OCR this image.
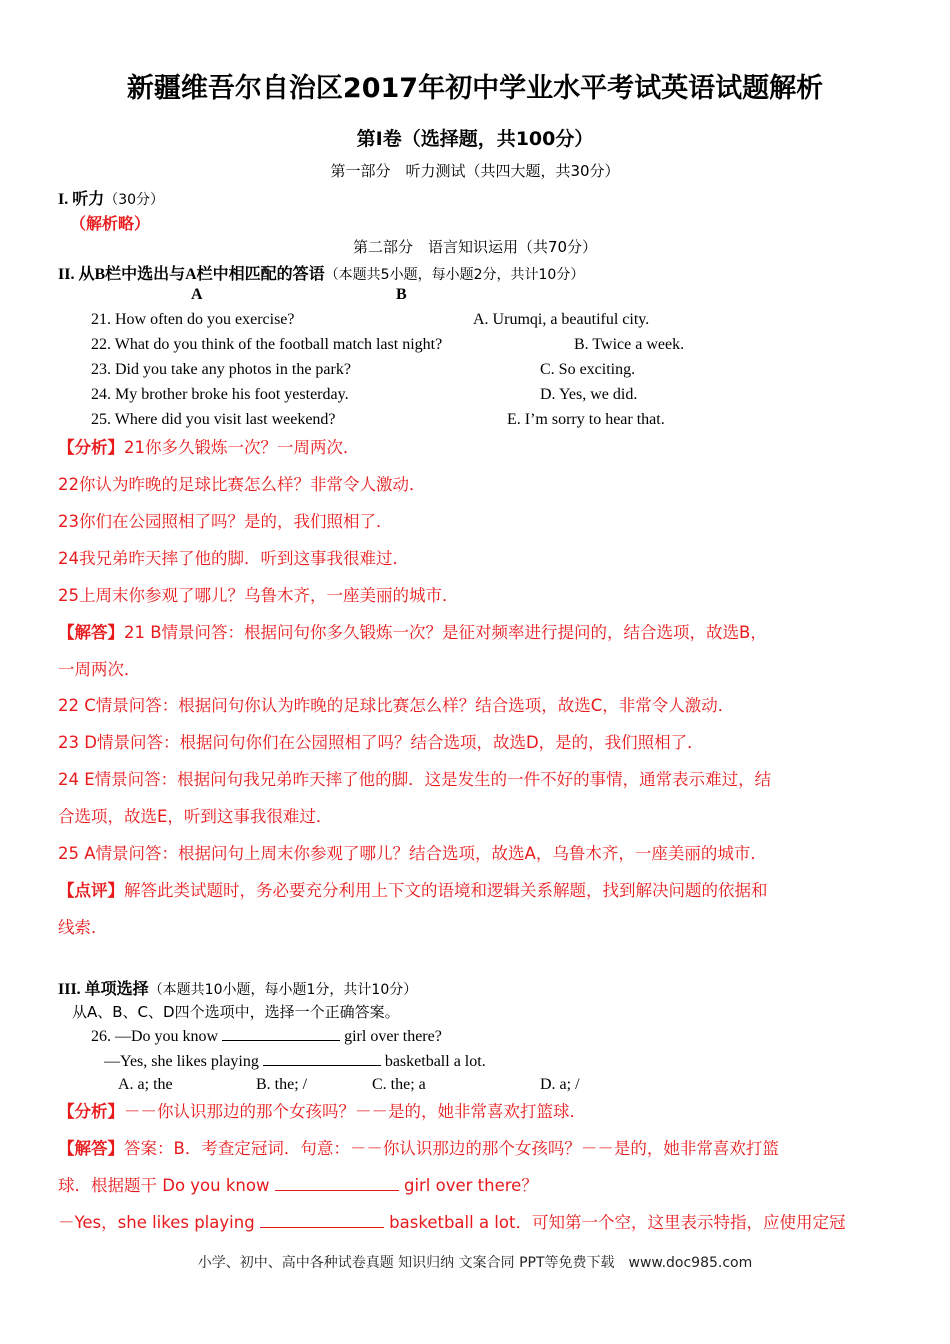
新疆维吾尔自治区2017年初中学业水平考试英语试题解析
第Ⅰ卷（选择题，共100分）
第一部分　听力测试（共四大题，共30分）
I. 听力（30分）
（解析略）
第二部分　语言知识运用（共70分）
II. 从B栏中选出与A栏中相匹配的答语（本题共5小题，每小题2分，共计10分）
A	B
21. How often do you exercise?	A. Urumqi, a beautiful city.
22. What do you think of the football match last night?	B. Twice a week.
23. Did you take any photos in the park?	C. So exciting.
24. My brother broke his foot yesterday.	D. Yes, we did.
25. Where did you visit last weekend?	E. I’m sorry to hear that.
【分析】21你多久锻炼一次？一周两次．
22你认为昨晚的足球比赛怎么样？非常令人激动．
23你们在公园照相了吗？是的，我们照相了．
24我兄弟昨天摔了他的脚．听到这事我很难过．
25上周末你参观了哪儿？乌鲁木齐，一座美丽的城市．
【解答】21 B情景问答：根据问句你多久锻炼一次？是征对频率进行提问的，结合选项，故选B，
一周两次．
22 C情景问答：根据问句你认为昨晚的足球比赛怎么样？结合选项，故选C，非常令人激动．
23 D情景问答：根据问句你们在公园照相了吗？结合选项，故选D，是的，我们照相了．
24 E情景问答：根据问句我兄弟昨天摔了他的脚．这是发生的一件不好的事情，通常表示难过，结
合选项，故选E，听到这事我很难过．
25 A情景问答：根据问句上周末你参观了哪儿？结合选项，故选A，乌鲁木齐，一座美丽的城市．
【点评】解答此类试题时，务必要充分利用上下文的语境和逻辑关系解题，找到解决问题的依据和
线索．
III. 单项选择（本题共10小题，每小题1分，共计10分）
从A、B、C、D四个选项中，选择一个正确答案。
26. —Do you know	girl over there?
—Yes, she likes playing	basketball a lot.
A. a; the	B. the; /	C. the; a	D. a; /
【分析】－－你认识那边的那个女孩吗？－－是的，她非常喜欢打篮球．
【解答】答案：B．考查定冠词．句意：－－你认识那边的那个女孩吗？－－是的，她非常喜欢打篮
球．根据题干 Do you know	girl over there？
－Yes，she likes playing	basketball a lot．可知第一个空，这里表示特指，应使用定冠
小学、初中、高中各种试卷真题 知识归纳 文案合同 PPT等免费下载　www.doc985.com
